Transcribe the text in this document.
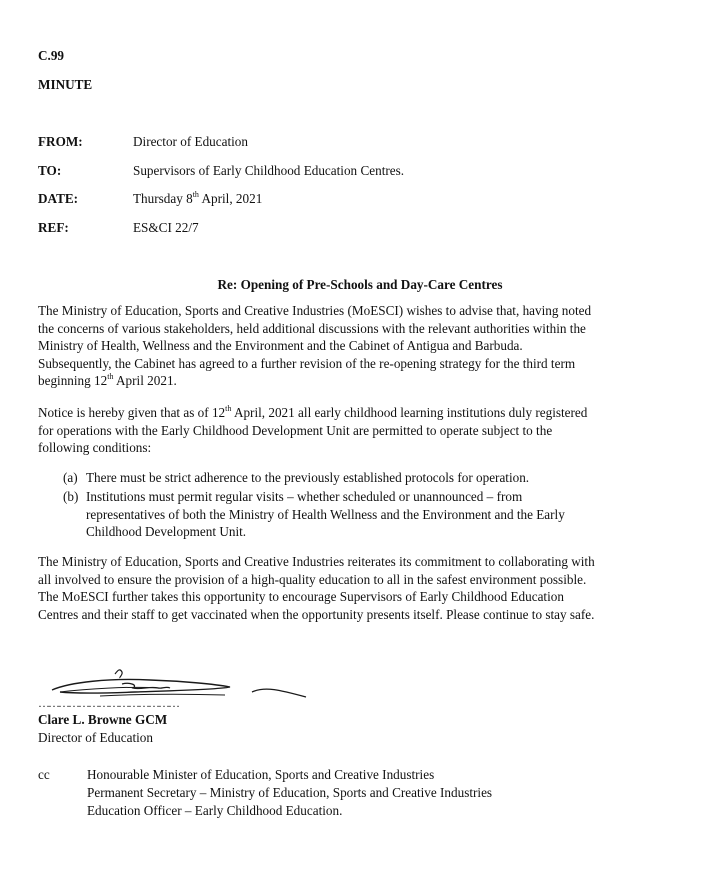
C.99
MINUTE
FROM:	Director of Education
TO:	Supervisors of Early Childhood Education Centres.
DATE:	Thursday 8th April, 2021
REF:	ES&CI 22/7
Re: Opening of Pre-Schools and Day-Care Centres

The Ministry of Education, Sports and Creative Industries (MoESCI) wishes to advise that, having noted

the concerns of various stakeholders, held additional discussions with the relevant authorities within the

Ministry of Health, Wellness and the Environment and the Cabinet of Antigua and Barbuda.

Subsequently, the Cabinet has agreed to a further revision of the re-opening strategy for the third term

beginning 12th April 2021.

Notice is hereby given that as of 12th April, 2021 all early childhood learning institutions duly registered

for operations with the Early Childhood Development Unit are permitted to operate subject to the

following conditions:

(a) There must be strict adherence to the previously established protocols for operation.
(b) Institutions must permit regular visits – whether scheduled or unannounced – from
representatives of both the Ministry of Health Wellness and the Environment and the Early
Childhood Development Unit.

The Ministry of Education, Sports and Creative Industries reiterates its commitment to collaborating with

all involved to ensure the provision of a high-quality education to all in the safest environment possible.

The MoESCI further takes this opportunity to encourage Supervisors of Early Childhood Education

Centres and their staff to get vaccinated when the opportunity presents itself. Please continue to stay safe.

……………………………………
Clare L. Browne GCM
Director of Education
cc	Honourable Minister of Education, Sports and Creative Industries
Permanent Secretary – Ministry of Education, Sports and Creative Industries
Education Officer – Early Childhood Education.
